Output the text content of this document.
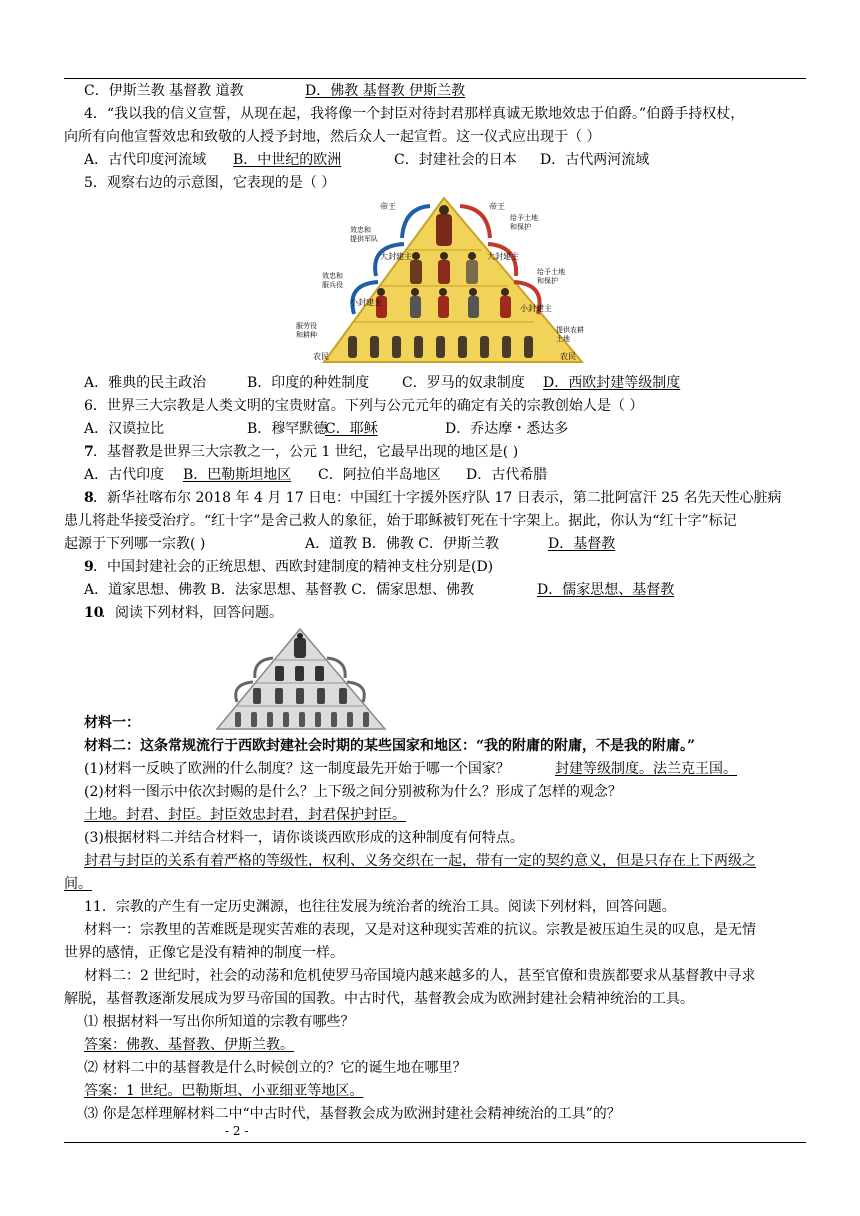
C．伊斯兰教 基督教 道教	D．佛教 基督教 伊斯兰教
4．“我以我的信义宣誓，从现在起，我将像一个封臣对待封君那样真诚无欺地效忠于伯爵。”伯爵手持权杖，
向所有向他宣誓效忠和致敬的人授予封地，然后众人一起宣哲。这一仪式应出现于（ ）
A．古代印度河流域 B．中世纪的欧洲	C．封建社会的日本 D．古代两河流域
5．观察右边的示意图，它表现的是（ ）
帝王	帝王
效忠和
提供军队
给予土地
和保护
大封建主	大封建主
效忠和
服兵役
给予土地
和保护
小封建主
小封建主
服劳役
和耕种
提供农耕
土地
农民	农民
A．雅典的民主政治	B．印度的种姓制度 C．罗马的奴隶制度 D．西欧封建等级制度
6．世界三大宗教是人类文明的宝贵财富。下列与公元元年的确定有关的宗教创始人是（ ）
A．汉谟拉比	B．穆罕默德
C．耶稣	D．乔达摩・悉达多
7 ．基督教是世界三大宗教之一，公元 1 世纪，它最早出现的地区是( )
A．古代印度 B．巴勒斯坦地区 C．阿拉伯半岛地区 D．古代希腊
8 ．新华社喀布尔 2018 年 4 月 17 日电：中国红十字援外医疗队 17 日表示，第二批阿富汗 25 名先天性心脏病
患儿将赴华接受治疗。“红十字”是舍己救人的象征，始于耶稣被钉死在十字架上。据此，你认为“红十字”标记
起源于下列哪一宗教( )	A．道教 B．佛教 C．伊斯兰教	D．基督教
9 ．中国封建社会的正统思想、西欧封建制度的精神支柱分别是(D)
A．道家思想、佛教 B．法家思想、基督教 C．儒家思想、佛教	D．儒家思想、基督教
10
．阅读下列材料，回答问题。
材料一：
材料二：这条常规流行于西欧封建社会时期的某些国家和地区：“我的附庸的附庸，不是我的附庸。”
(1)材料一反映了欧洲的什么制度？这一制度最先开始于哪一个国家？	封建等级制度。法兰克王国。
(2)材料一图示中依次封赐的是什么？上下级之间分别被称为什么？形成了怎样的观念？
土地。封君、封臣。封臣效忠封君，封君保护封臣。
(3)根据材料二并结合材料一，请你谈谈西欧形成的这种制度有何特点。
封君与封臣的关系有着严格的等级性，权利、义务交织在一起，带有一定的契约意义，但是只存在上下两级之
间。
11．宗教的产生有一定历史渊源，也往往发展为统治者的统治工具。阅读下列材料，回答问题。
材料一：宗教里的苦难既是现实苦难的表现，又是对这种现实苦难的抗议。宗教是被压迫生灵的叹息，是无情
世界的感情，正像它是没有精神的制度一样。
材料二：2 世纪时，社会的动荡和危机使罗马帝国境内越来越多的人，甚至官僚和贵族都要求从基督教中寻求
解脱，基督教逐渐发展成为罗马帝国的国教。中古时代，基督教会成为欧洲封建社会精神统治的工具。
⑴ 根据材料一写出你所知道的宗教有哪些？
答案：佛教、基督教、伊斯兰教。
⑵ 材料二中的基督教是什么时候创立的？它的诞生地在哪里？
答案：1 世纪。巴勒斯坦、小亚细亚等地区。
⑶ 你是怎样理解材料二中“中古时代，基督教会成为欧洲封建社会精神统治的工具”的？
- 2 -
